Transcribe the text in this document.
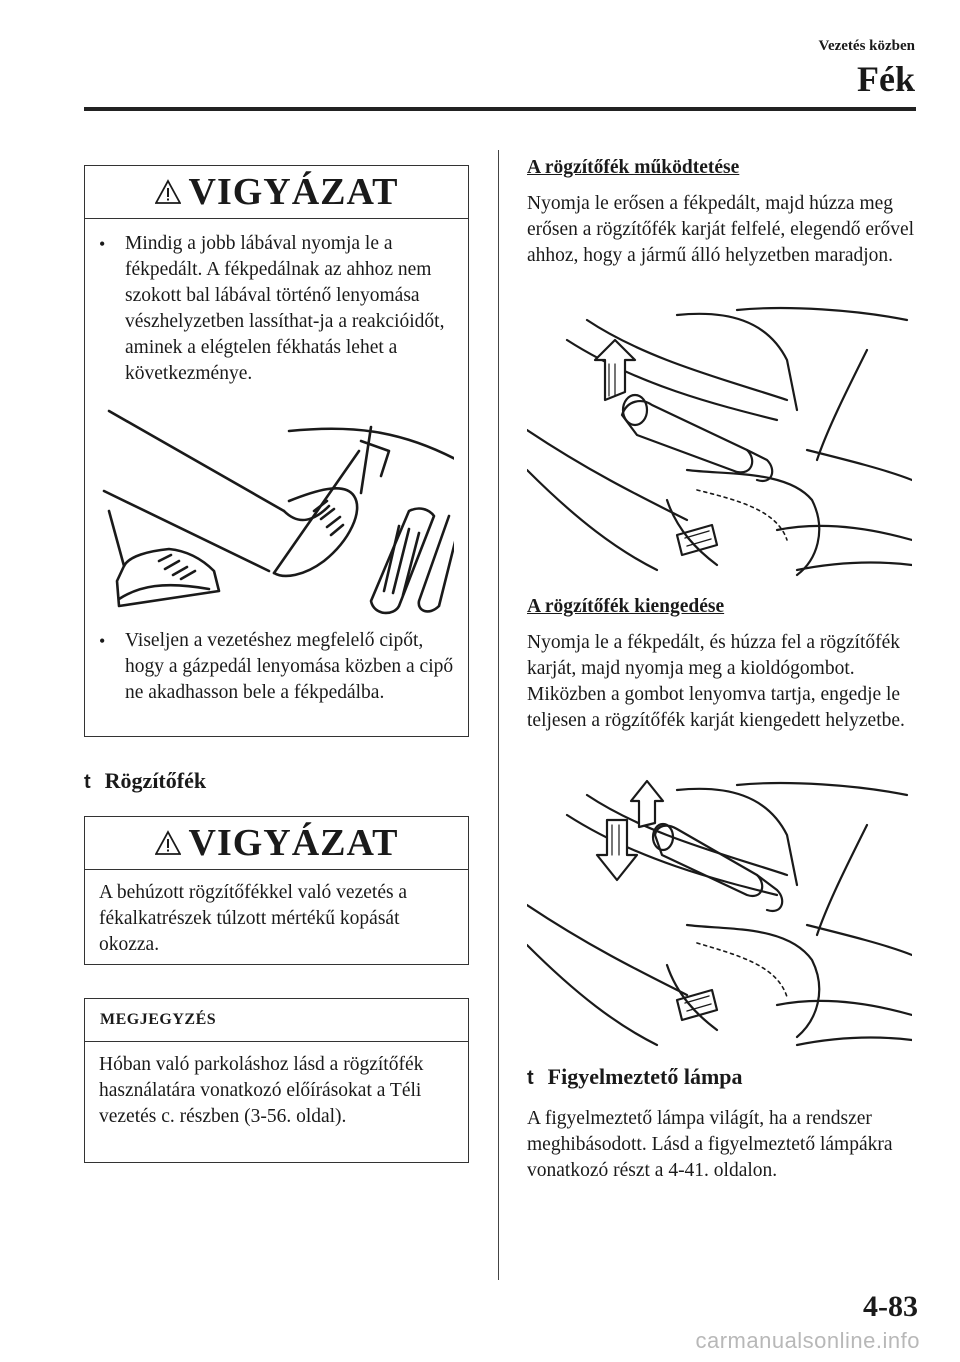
Vezetés közben
Fék
VIGYÁZAT
•	Mindig a jobb lábával nyomja le a fékpedált. A fékpedálnak az ahhoz nem szokott bal lábával történő lenyomása vészhelyzetben lassíthat-ja a reakcióidőt, aminek a elégtelen fékhatás lehet a következménye.
•	Viseljen a vezetéshez megfelelő cipőt, hogy a gázpedál lenyomása közben a cipő ne akadhasson bele a fékpedálba.
t Rögzítőfék
VIGYÁZAT
A behúzott rögzítőfékkel való vezetés a fékalkatrészek túlzott mértékű kopását okozza.
MEGJEGYZÉS
Hóban való parkoláshoz lásd a rögzítőfék használatára vonatkozó előírásokat a Téli vezetés c. részben (3-56. oldal).
A rögzítőfék működtetése
Nyomja le erősen a fékpedált, majd húzza meg erősen a rögzítőfék karját felfelé, elegendő erővel ahhoz, hogy a jármű álló helyzetben maradjon.
A rögzítőfék kiengedése
Nyomja le a fékpedált, és húzza fel a rögzítőfék karját, majd nyomja meg a kioldógombot. Miközben a gombot lenyomva tartja, engedje le teljesen a rögzítőfék karját kiengedett helyzetbe.
t Figyelmeztető lámpa
A figyelmeztető lámpa világít, ha a rendszer meghibásodott. Lásd a figyelmeztető lámpákra vonatkozó részt a 4-41. oldalon.
4-83
carmanualsonline.info
